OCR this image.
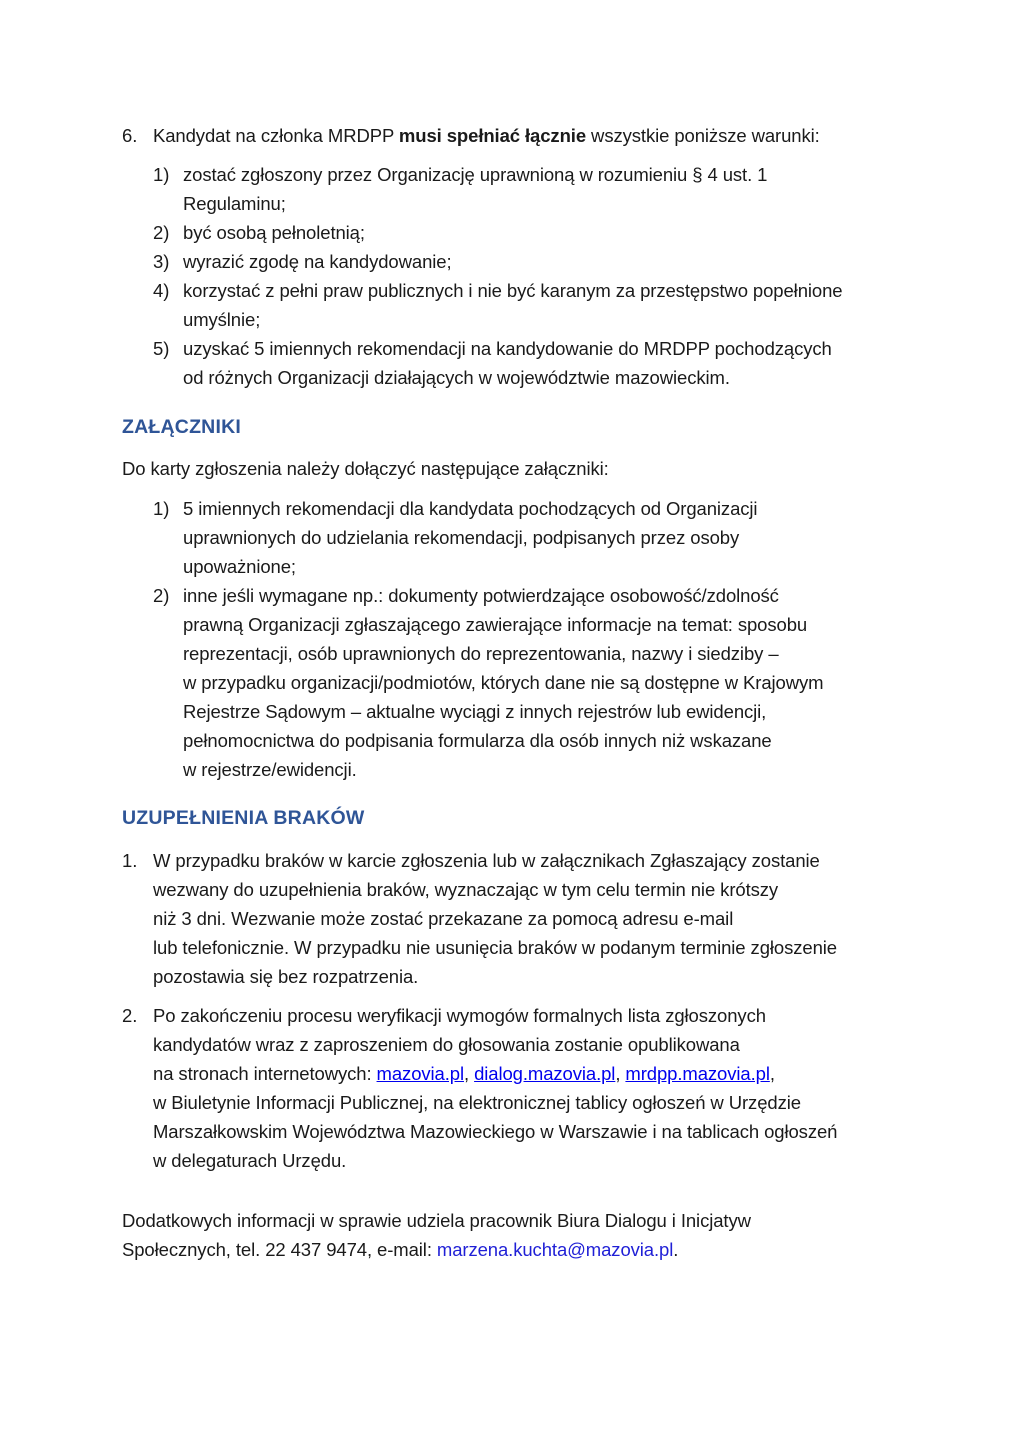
6. Kandydat na członka MRDPP musi spełniać łącznie wszystkie poniższe warunki:
1) zostać zgłoszony przez Organizację uprawnioną w rozumieniu § 4 ust. 1
Regulaminu;
2) być osobą pełnoletnią;
3) wyrazić zgodę na kandydowanie;
4) korzystać z pełni praw publicznych i nie być karanym za przestępstwo popełnione
umyślnie;
5) uzyskać 5 imiennych rekomendacji na kandydowanie do MRDPP pochodzących
od różnych Organizacji działających w województwie mazowieckim.
ZAŁĄCZNIKI
Do karty zgłoszenia należy dołączyć następujące załączniki:
1) 5 imiennych rekomendacji dla kandydata pochodzących od Organizacji
uprawnionych do udzielania rekomendacji, podpisanych przez osoby
upoważnione;
2) inne jeśli wymagane np.: dokumenty potwierdzające osobowość/zdolność
prawną Organizacji zgłaszającego zawierające informacje na temat: sposobu
reprezentacji, osób uprawnionych do reprezentowania, nazwy i siedziby –
w przypadku organizacji/podmiotów, których dane nie są dostępne w Krajowym
Rejestrze Sądowym – aktualne wyciągi z innych rejestrów lub ewidencji,
pełnomocnictwa do podpisania formularza dla osób innych niż wskazane
w rejestrze/ewidencji.
UZUPEŁNIENIA BRAKÓW
1. W przypadku braków w karcie zgłoszenia lub w załącznikach Zgłaszający zostanie
wezwany do uzupełnienia braków, wyznaczając w tym celu termin nie krótszy
niż 3 dni. Wezwanie może zostać przekazane za pomocą adresu e-mail
lub telefonicznie. W przypadku nie usunięcia braków w podanym terminie zgłoszenie
pozostawia się bez rozpatrzenia.
2. Po zakończeniu procesu weryfikacji wymogów formalnych lista zgłoszonych
kandydatów wraz z zaproszeniem do głosowania zostanie opublikowana
na stronach internetowych: mazovia.pl, dialog.mazovia.pl, mrdpp.mazovia.pl,
w Biuletynie Informacji Publicznej, na elektronicznej tablicy ogłoszeń w Urzędzie
Marszałkowskim Województwa Mazowieckiego w Warszawie i na tablicach ogłoszeń
w delegaturach Urzędu.
Dodatkowych informacji w sprawie udziela pracownik Biura Dialogu i Inicjatyw
Społecznych, tel. 22 437 9474, e-mail: marzena.kuchta@mazovia.pl.
